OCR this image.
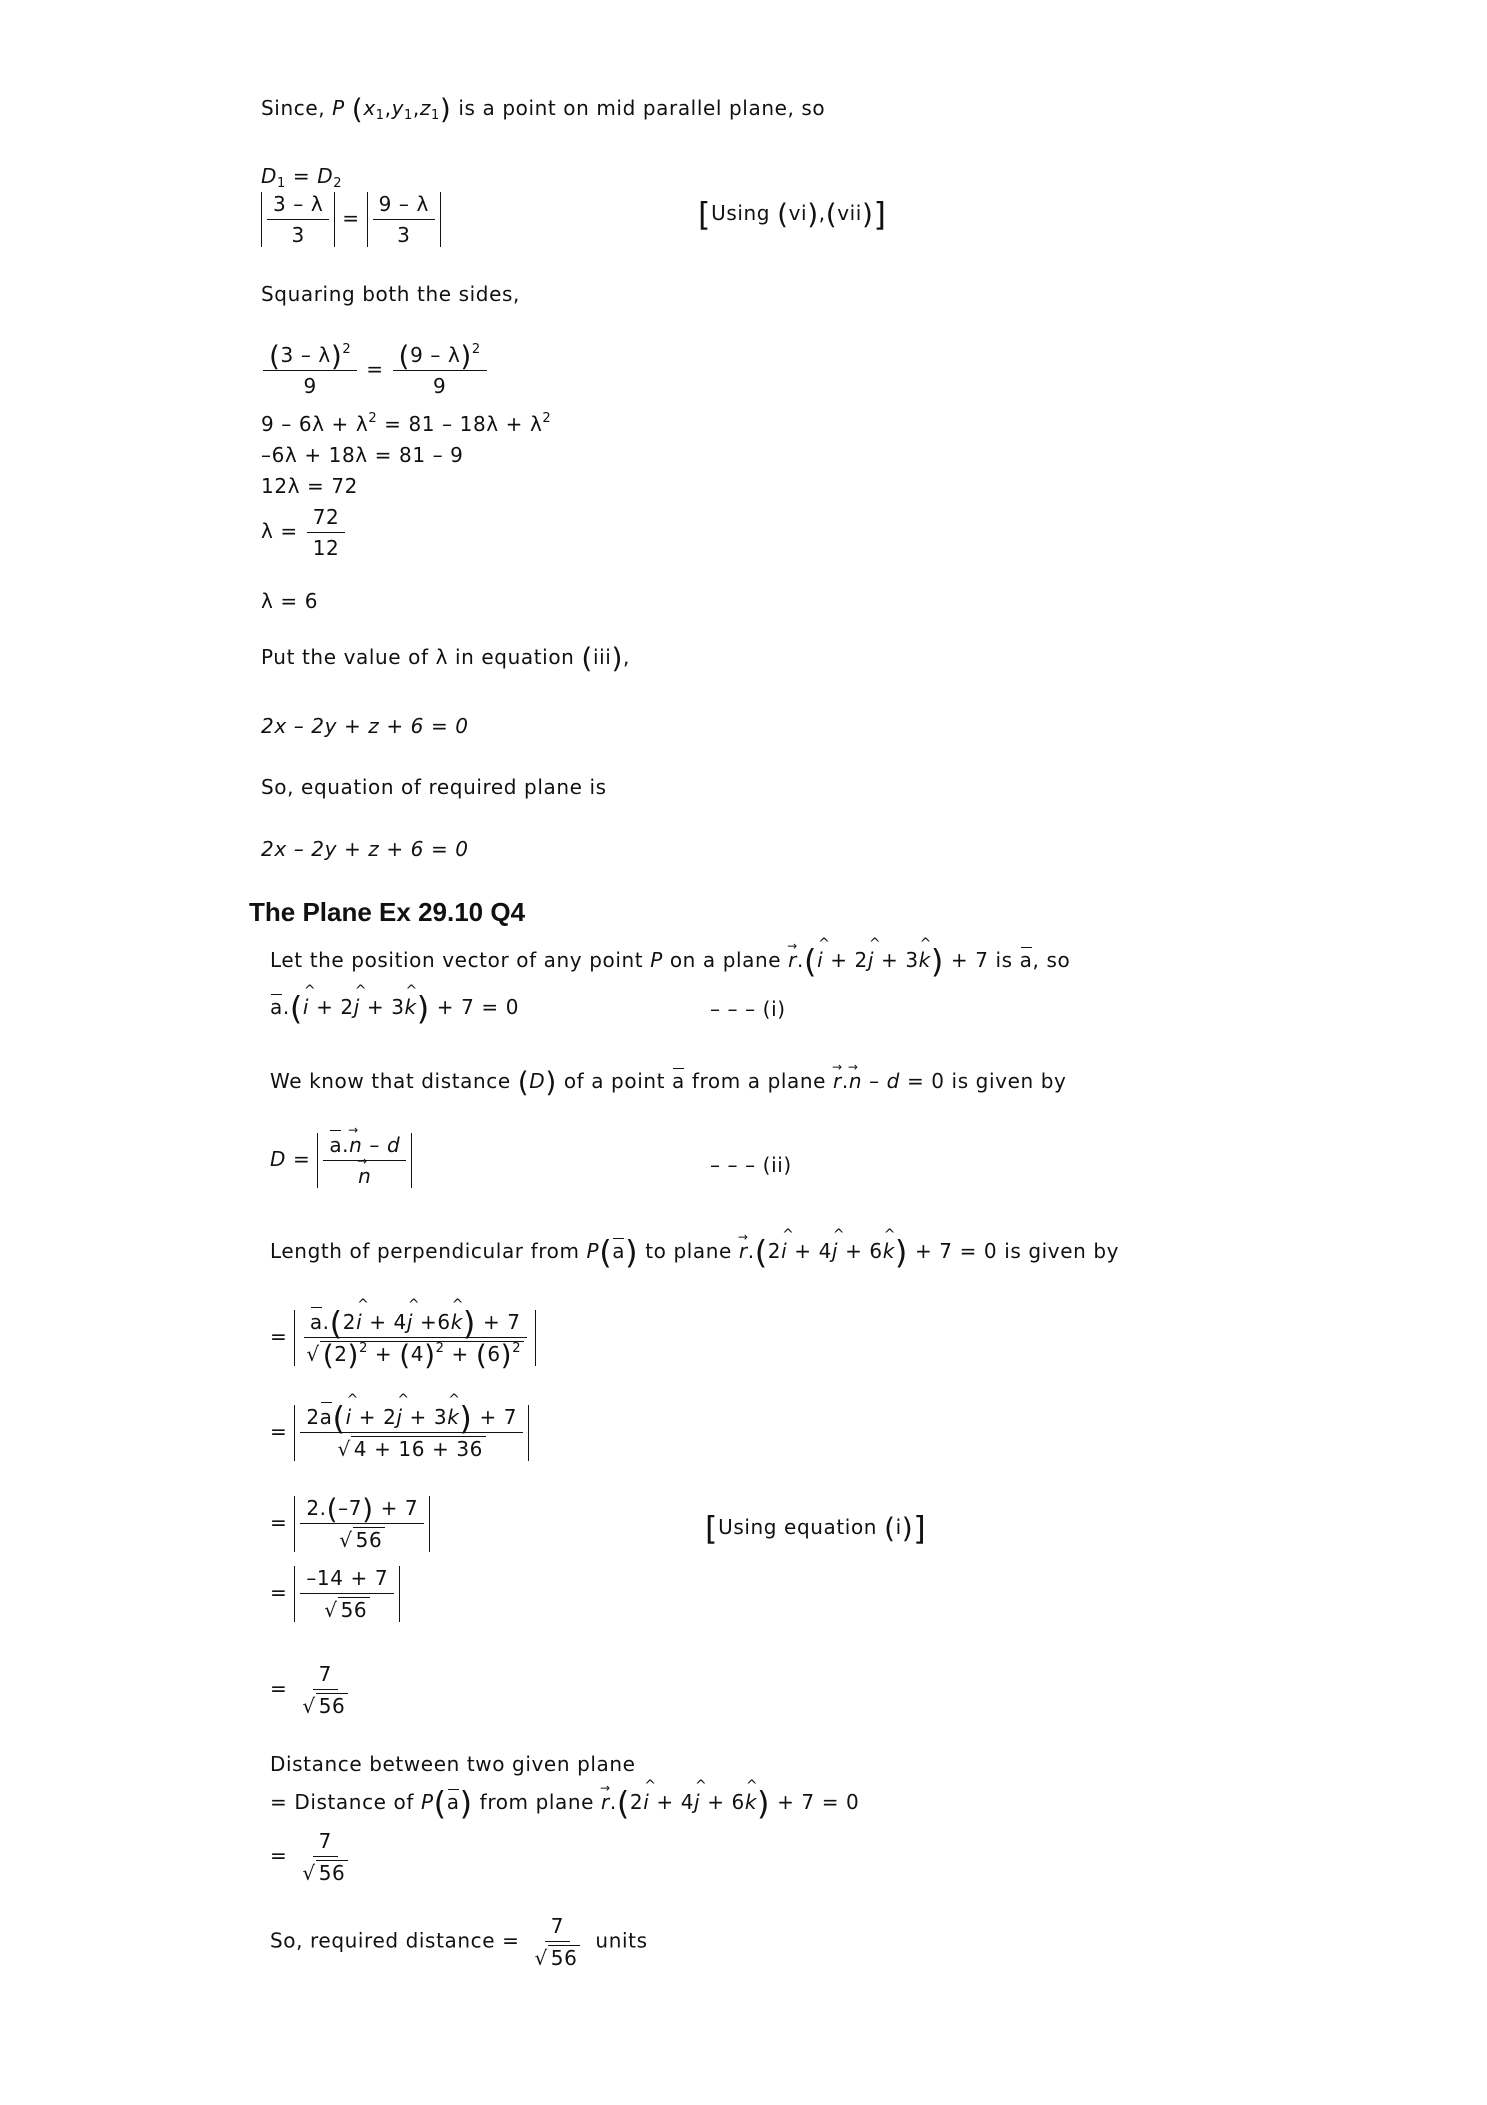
Since, P $(x_1,y_1,z_1)$ is a point on mid parallel plane, so
$D_1 = D_2$
$\frac{3 - \lambda}{3} = \frac{9 - \lambda}{3}$	[Using (vi),(vii)]
Squaring both the sides,
$\frac{(3 - \lambda)^2}{9} = \frac{(9 - \lambda)^2}{9}$
$9 - 6\lambda + \lambda^2 = 81 - 18\lambda + \lambda^2$
–6λ + 18λ = 81 – 9
12λ = 72
$\lambda = \frac{72}{12}$
λ = 6
Put the value of λ in equation (iii),
2x – 2y + z + 6 = 0
So, equation of required plane is
2x – 2y + z + 6 = 0
The Plane Ex 29.10 Q4
Let the position vector of any point P on a plane → r.(^ i + 2^ j + 3^ k) + 7 is a, so
a.(^ i + 2^ j + 3^ k) + 7 = 0	– – – (i)
We know that distance (D) of a point a from a plane → r.→ n – d = 0 is given by
D = a.→ n – d
→ n	– – – (ii)
Length of perpendicular from P(a) to plane → r.(2^ i + 4^ j + 6^ k) + 7 = 0 is given by
= $\frac{a.(2\^{} i + 4\^{} j +6\^{} k) + 7}{√ (2)^2 + (4)^2 + (6)^2}$
= $\frac{2a(\^{} i + 2\^{} j + 3\^{} k) + 7}{√ 4 + 16 + 36}$
= $\frac{2.(-7) + 7}{√ 56}$	[Using equation (i)]
= $\frac{-14 + 7}{√ 56}$
= $\frac{7}{√ 56}$
Distance between two given plane
= Distance of P(a) from plane → r.(2^ i + 4^ j + 6^ k) + 7 = 0
= $\frac{7}{√ 56}$
So, required distance = $\frac{7}{√ 56}$ units
